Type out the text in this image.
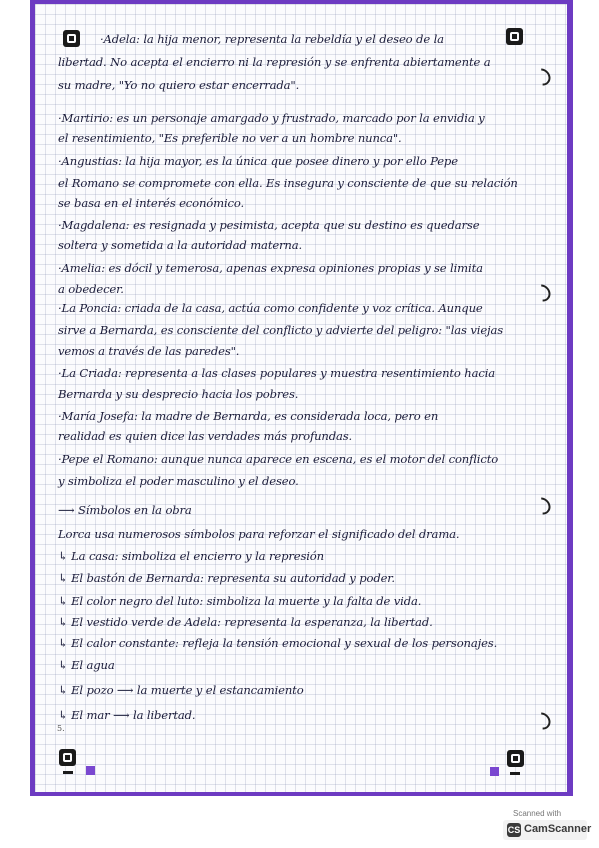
·Adela: la hija menor, representa la rebeldía y el deseo de la
libertad. No acepta el encierro ni la represión y se enfrenta abiertamente a
su madre, "Yo no quiero estar encerrada".
·Martirio: es un personaje amargado y frustrado, marcado por la envidia y
el resentimiento, "Es preferible no ver a un hombre nunca".
·Angustias: la hija mayor, es la única que posee dinero y por ello Pepe
el Romano se compromete con ella. Es insegura y consciente de que su relación
se basa en el interés económico.
·Magdalena: es resignada y pesimista, acepta que su destino es quedarse
soltera y sometida a la autoridad materna.
·Amelia: es dócil y temerosa, apenas expresa opiniones propias y se limita
a obedecer.
·La Poncia: criada de la casa, actúa como confidente y voz crítica. Aunque
sirve a Bernarda, es consciente del conflicto y advierte del peligro: "las viejas
vemos a través de las paredes".
·La Criada: representa a las clases populares y muestra resentimiento hacia
Bernarda y su desprecio hacia los pobres.
·María Josefa: la madre de Bernarda, es considerada loca, pero en
realidad es quien dice las verdades más profundas.
·Pepe el Romano: aunque nunca aparece en escena, es el motor del conflicto
y simboliza el poder masculino y el deseo.
⟶ Símbolos en la obra
Lorca usa numerosos símbolos para reforzar el significado del drama.
↳ La casa: simboliza el encierro y la represión
↳ El bastón de Bernarda: representa su autoridad y poder.
↳ El color negro del luto: simboliza la muerte y la falta de vida.
↳ El vestido verde de Adela: representa la esperanza, la libertad.
↳ El calor constante: refleja la tensión emocional y sexual de los personajes.
↳ El agua
↳ El pozo ⟶ la muerte y el estancamiento
↳ El mar ⟶ la libertad.
5.
Scanned with
CS CamScanner
